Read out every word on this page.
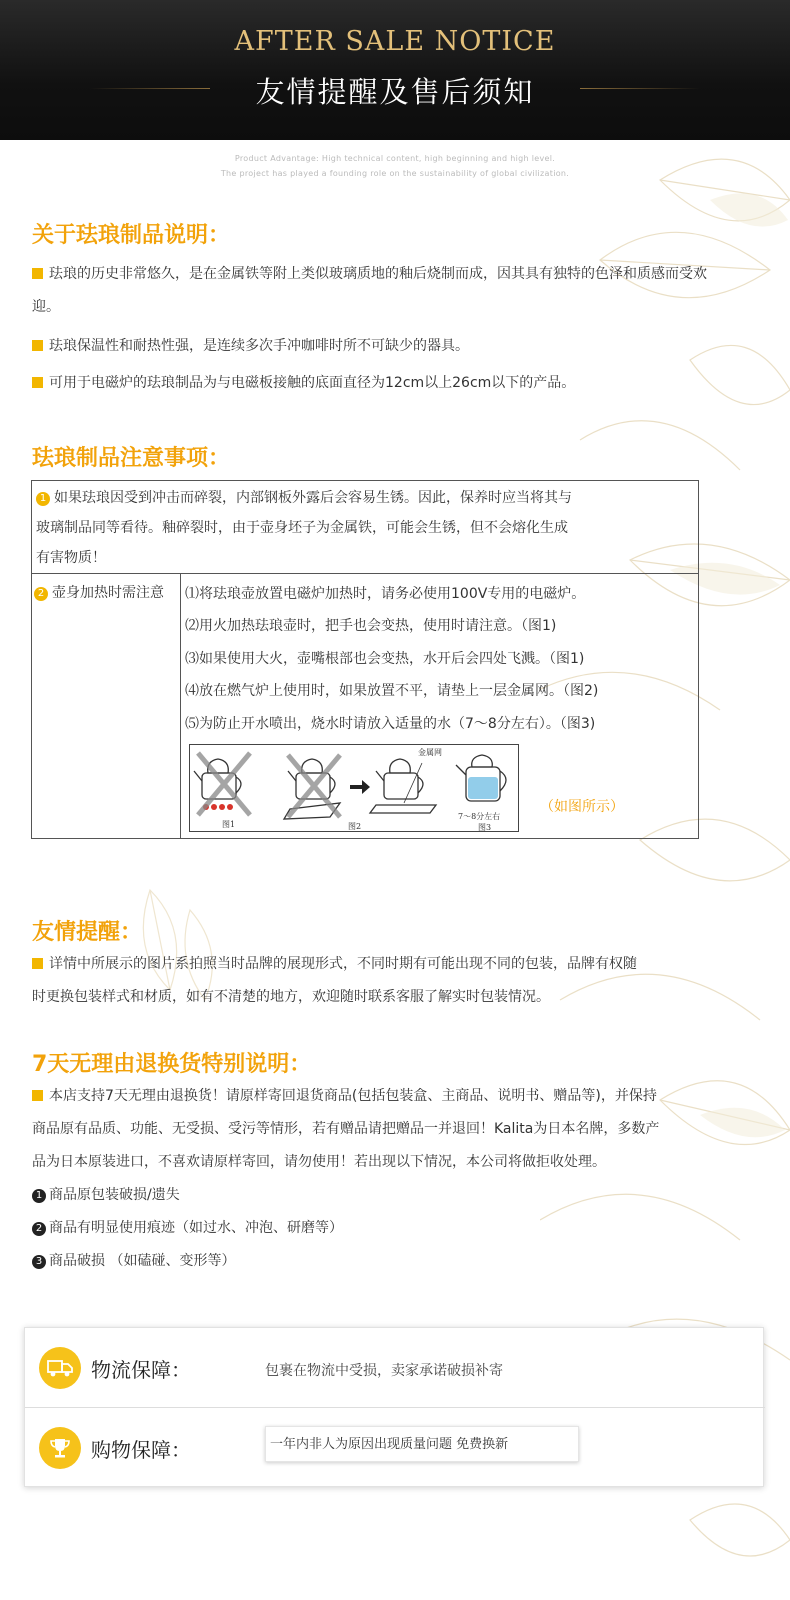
AFTER SALE NOTICE
友情提醒及售后须知
Product Advantage: High technical content, high beginning and high level.
The project has played a founding role on the sustainability of global civilization.
关于珐琅制品说明：
珐琅的历史非常悠久，是在金属铁等附上类似玻璃质地的釉后烧制而成，因其具有独特的色泽和质感而受欢迎。
珐琅保温性和耐热性强，是连续多次手冲咖啡时所不可缺少的器具。
可用于电磁炉的珐琅制品为与电磁板接触的底面直径为12cm以上26cm以下的产品。
珐琅制品注意事项：
1 如果珐琅因受到冲击而碎裂，内部钢板外露后会容易生锈。因此，保养时应当将其与
玻璃制品同等看待。釉碎裂时，由于壶身坯子为金属铁，可能会生锈，但不会熔化生成
有害物质！

2 壶身加热时需注意	⑴将珐琅壶放置电磁炉加热时，请务必使用100V专用的电磁炉。
⑵用火加热珐琅壶时，把手也会变热，使用时请注意。（图1)
⑶如果使用大火，壶嘴根部也会变热，水开后会四处飞溅。（图1)
⑷放在燃气炉上使用时，如果放置不平，请垫上一层金属网。（图2)
⑸为防止开水喷出，烧水时请放入适量的水（7～8分左右）。（图3)
图1	图2
金属网
7～8分左右
图3
（如图所示）
友情提醒：
详情中所展示的图片系拍照当时品牌的展现形式，不同时期有可能出现不同的包装，品牌有权随
时更换包装样式和材质，如有不清楚的地方，欢迎随时联系客服了解实时包装情况。
7天无理由退换货特别说明：
本店支持7天无理由退换货！请原样寄回退货商品(包括包装盒、主商品、说明书、赠品等)，并保持
商品原有品质、功能、无受损、受污等情形，若有赠品请把赠品一并退回！Kalita为日本名牌，多数产
品为日本原装进口，不喜欢请原样寄回，请勿使用！若出现以下情况，本公司将做拒收处理。
1 商品原包装破损/遗失
2 商品有明显使用痕迹（如过水、冲泡、研磨等）
3 商品破损 （如磕碰、变形等）
物流保障：	包裹在物流中受损，卖家承诺破损补寄
购物保障：	一年内非人为原因出现质量问题 免费换新
